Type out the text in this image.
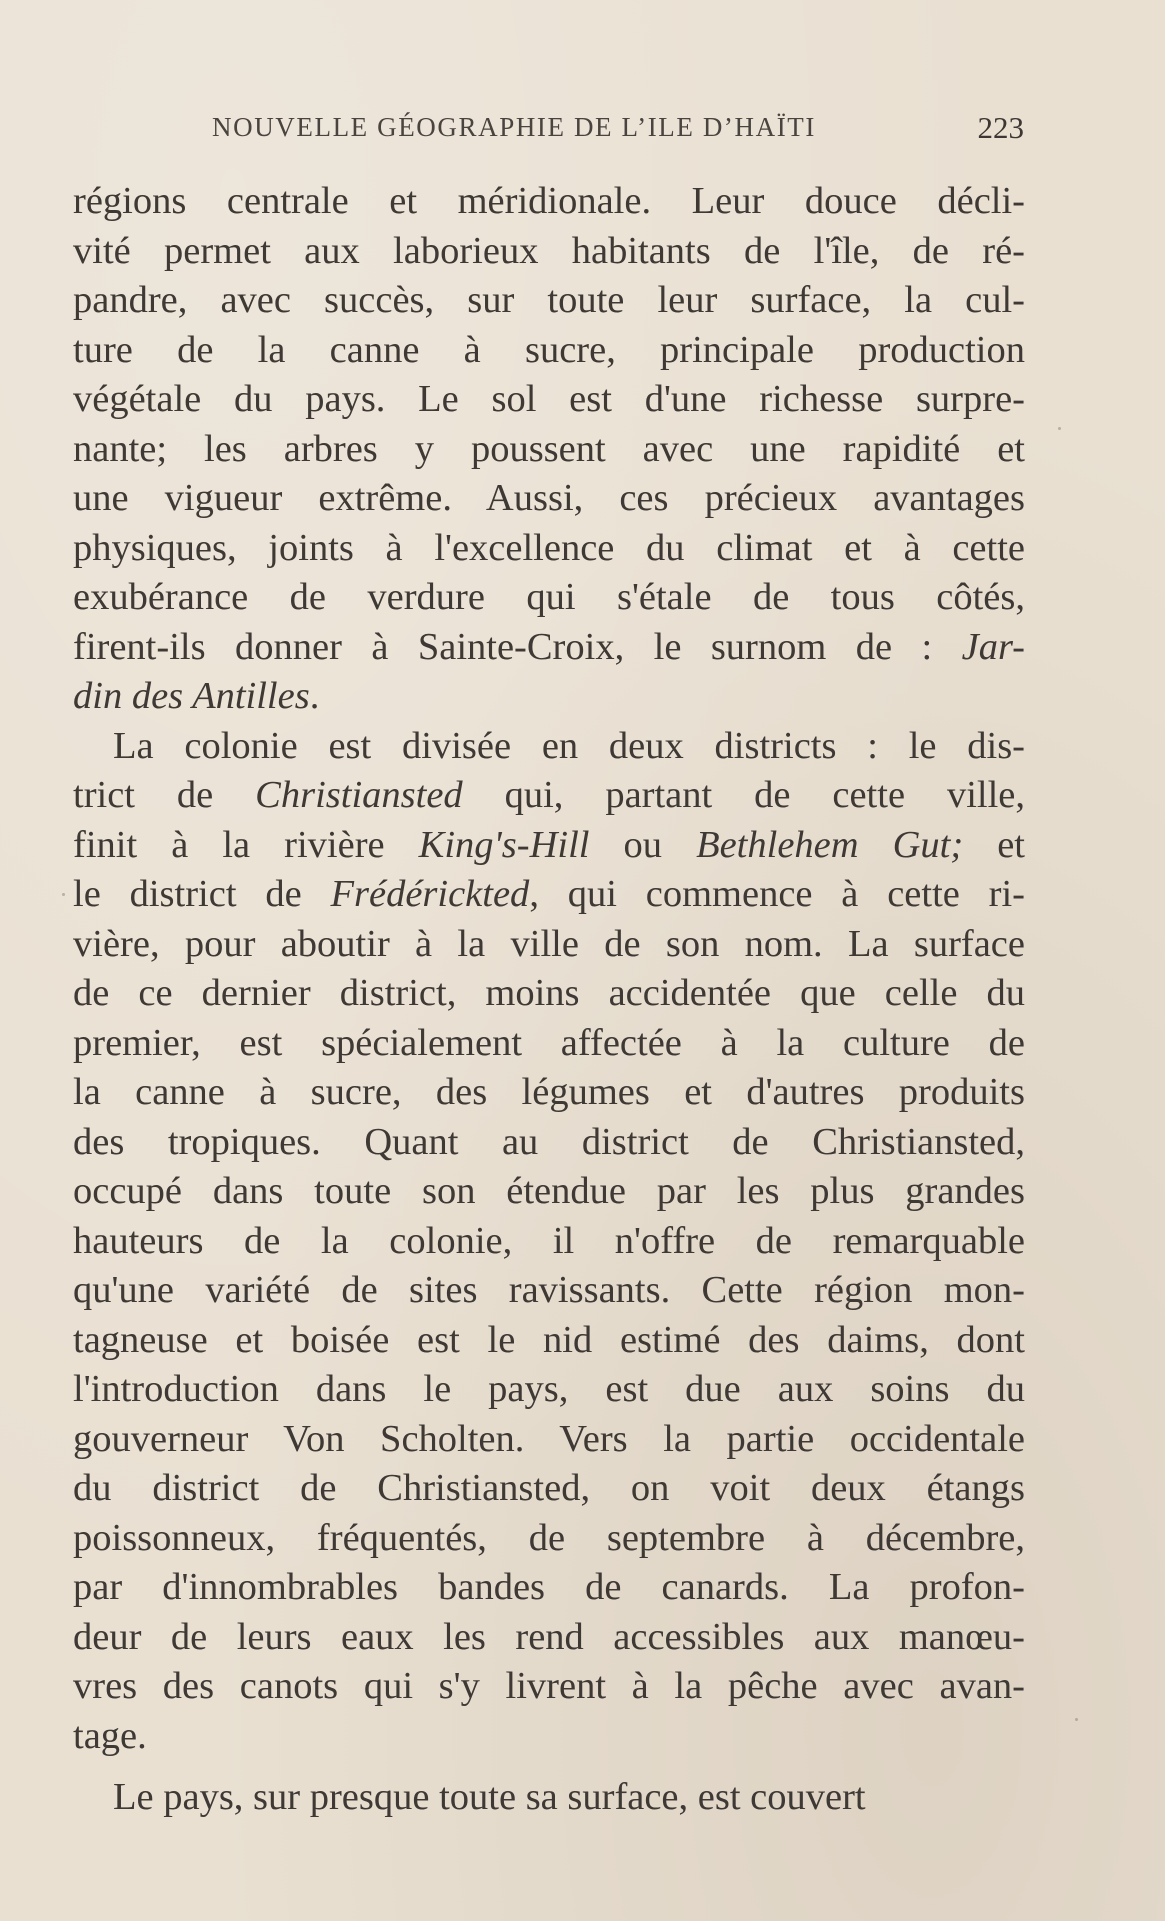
NOUVELLE GÉOGRAPHIE DE L’ILE D’HAÏTI	223
régions centrale et méridionale. Leur douce décli-
vité permet aux laborieux habitants de l'île, de ré-
pandre, avec succès, sur toute leur surface, la cul-
ture de la canne à sucre, principale production
végétale du pays. Le sol est d'une richesse surpre-
nante; les arbres y poussent avec une rapidité et
une vigueur extrême. Aussi, ces précieux avantages
physiques, joints à l'excellence du climat et à cette
exubérance de verdure qui s'étale de tous côtés,
firent-ils donner à Sainte-Croix, le surnom de : Jar-
din des Antilles.
La colonie est divisée en deux districts : le dis-
trict de Christiansted qui, partant de cette ville,
finit à la rivière King's-Hill ou Bethlehem Gut; et
le district de Frédérickted, qui commence à cette ri-
vière, pour aboutir à la ville de son nom. La surface
de ce dernier district, moins accidentée que celle du
premier, est spécialement affectée à la culture de
la canne à sucre, des légumes et d'autres produits
des tropiques. Quant au district de Christiansted,
occupé dans toute son étendue par les plus grandes
hauteurs de la colonie, il n'offre de remarquable
qu'une variété de sites ravissants. Cette région mon-
tagneuse et boisée est le nid estimé des daims, dont
l'introduction dans le pays, est due aux soins du
gouverneur Von Scholten. Vers la partie occidentale
du district de Christiansted, on voit deux étangs
poissonneux, fréquentés, de septembre à décembre,
par d'innombrables bandes de canards. La profon-
deur de leurs eaux les rend accessibles aux manœu-
vres des canots qui s'y livrent à la pêche avec avan-
tage.
Le pays, sur presque toute sa surface, est couvert
